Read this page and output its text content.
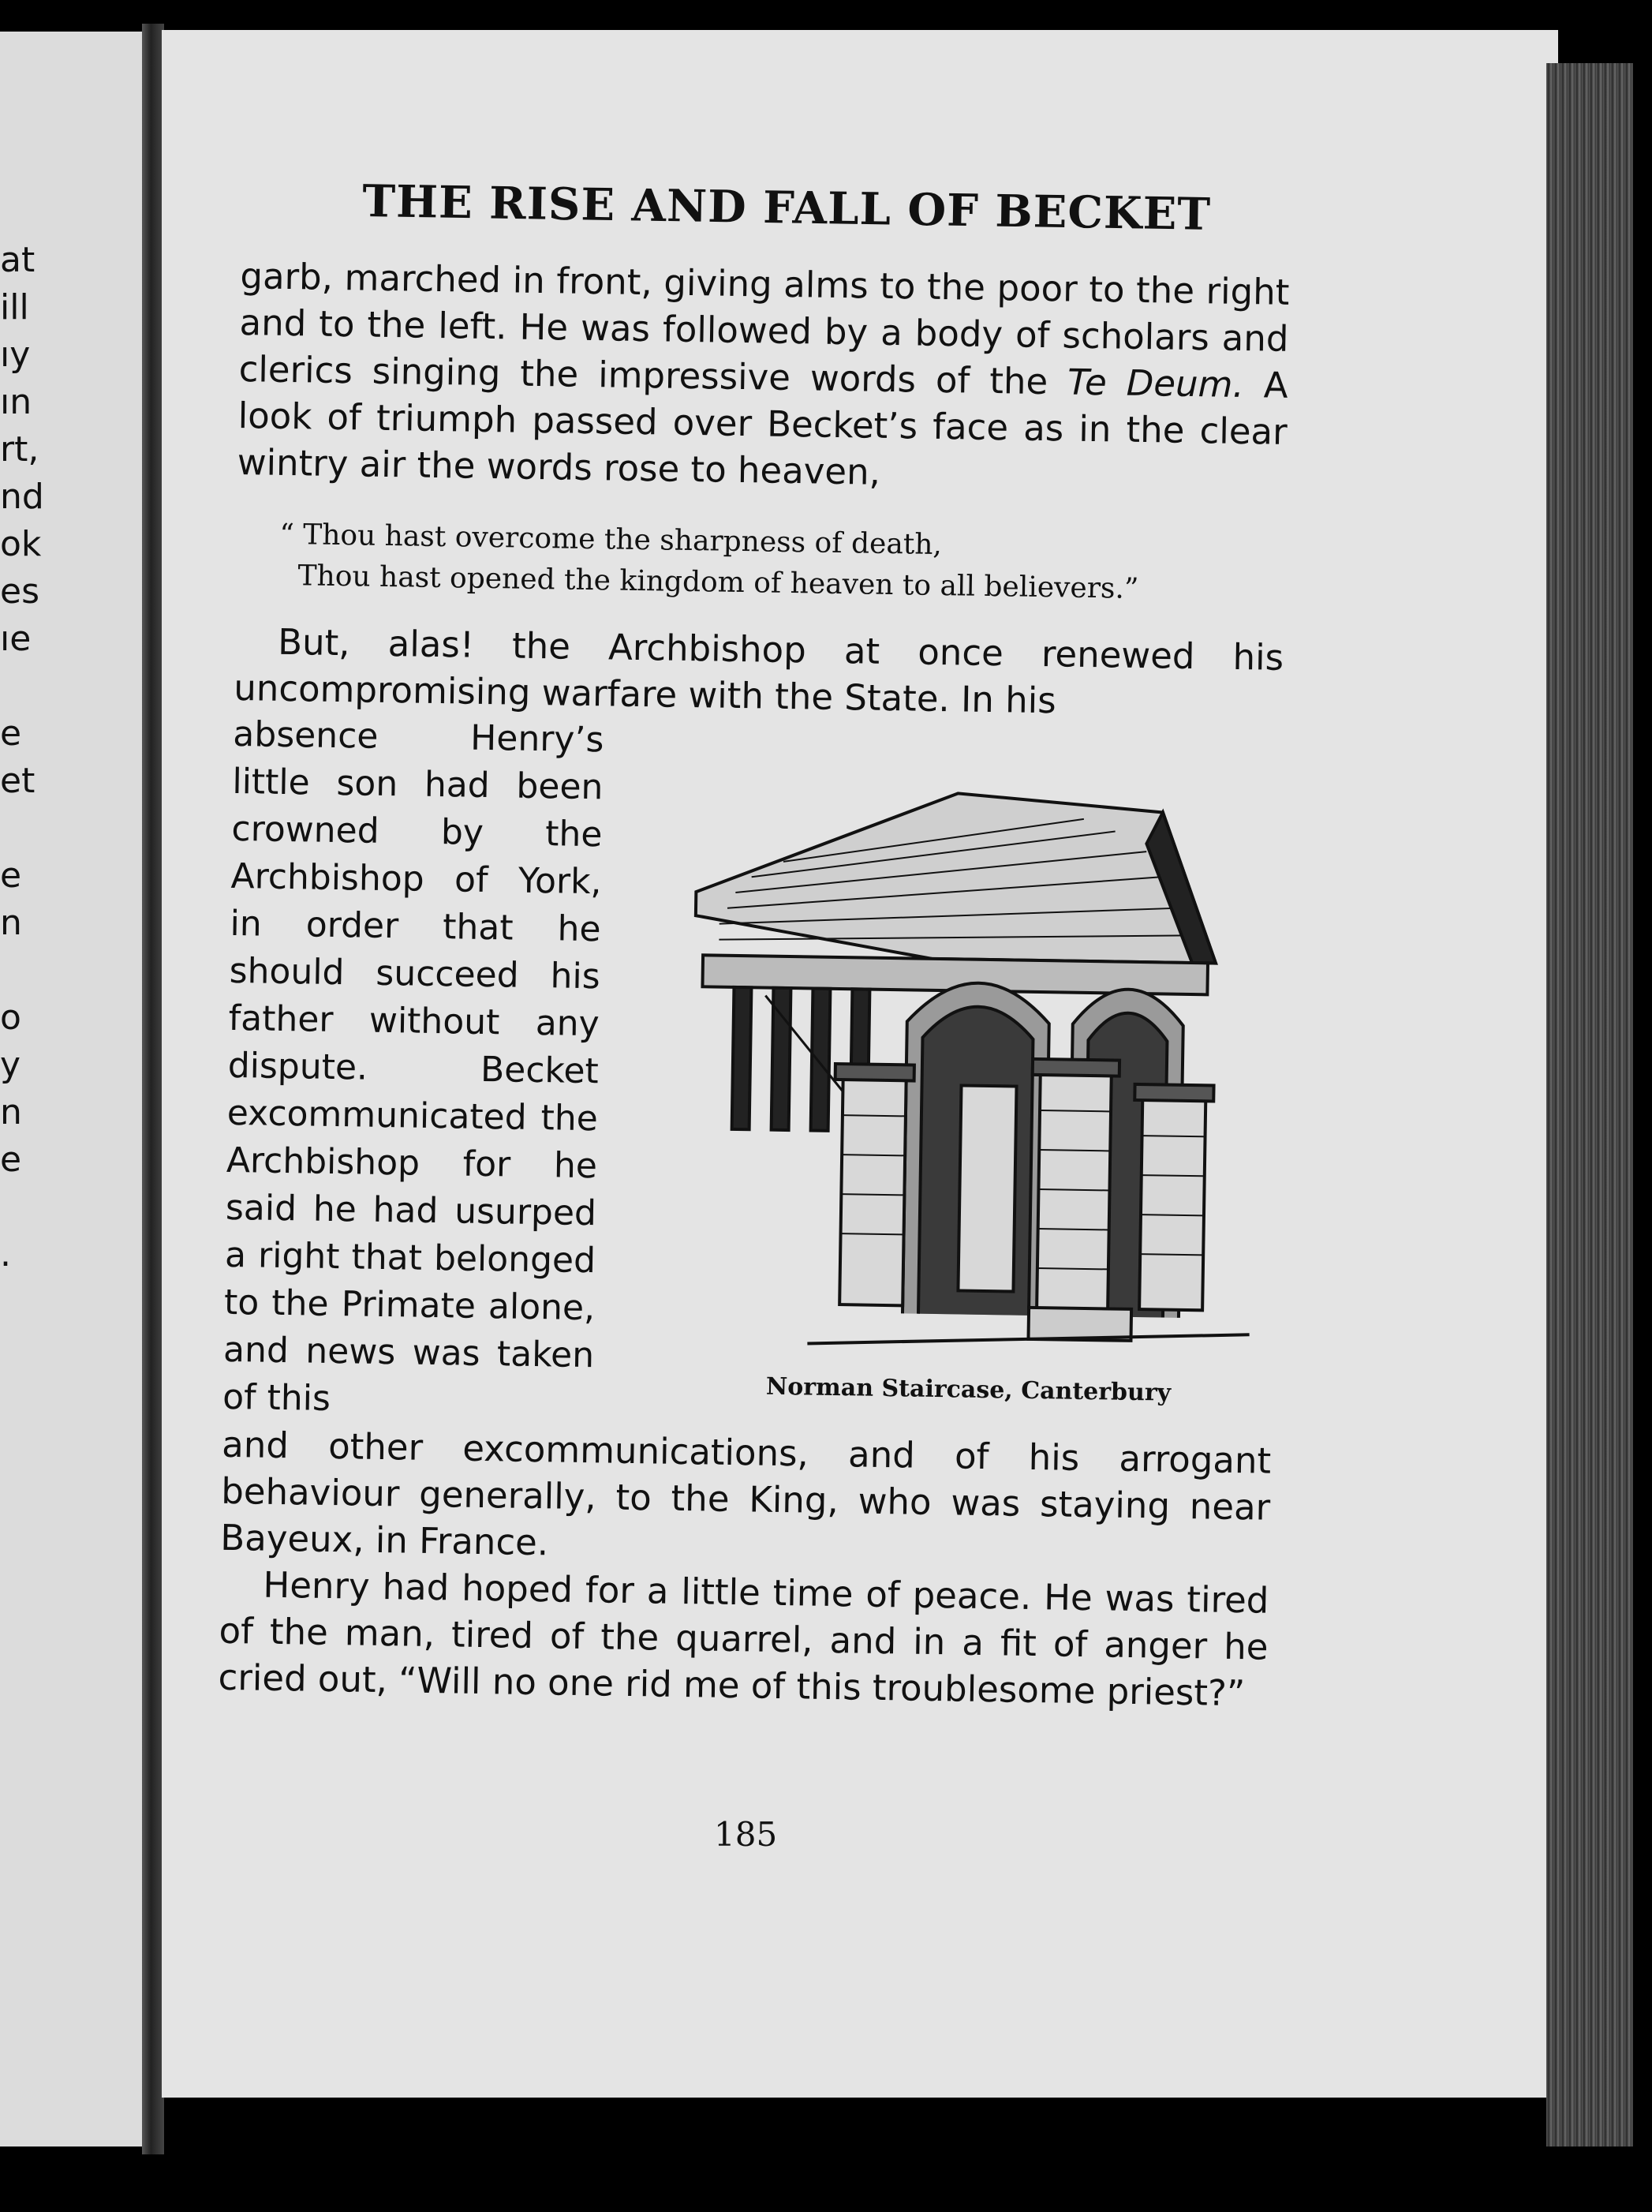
at
ill
ıy
ın
rt,
nd
ok
es
ıe

e
et

e
n

o
y
n
e

.
THE RISE AND FALL OF BECKET

garb, marched in front, giving alms to the poor to the right and to the left. He was followed by a body of scholars and clerics singing the impressive words of the Te Deum. A look of triumph passed over Becket’s face as in the clear wintry air the words rose to heaven,

“ Thou hast overcome the sharpness of death,
Thou hast opened the kingdom of heaven to all believers.”

But, alas! the Archbishop at once renewed his uncompromising warfare with the State. In his

absence Henry’s little son had been crowned by the Archbishop of York, in order that he should succeed his father without any dispute. Becket excommunicated the Archbishop for he said he had usurped a right that belonged to the Primate alone, and news was taken of this	Norman Staircase, Canterbury

and other excommunications, and of his arrogant behaviour generally, to the King, who was staying near Bayeux, in France.

Henry had hoped for a little time of peace. He was tired of the man, tired of the quarrel, and in a fit of anger he cried out, “Will no one rid me of this troublesome priest?”

185
